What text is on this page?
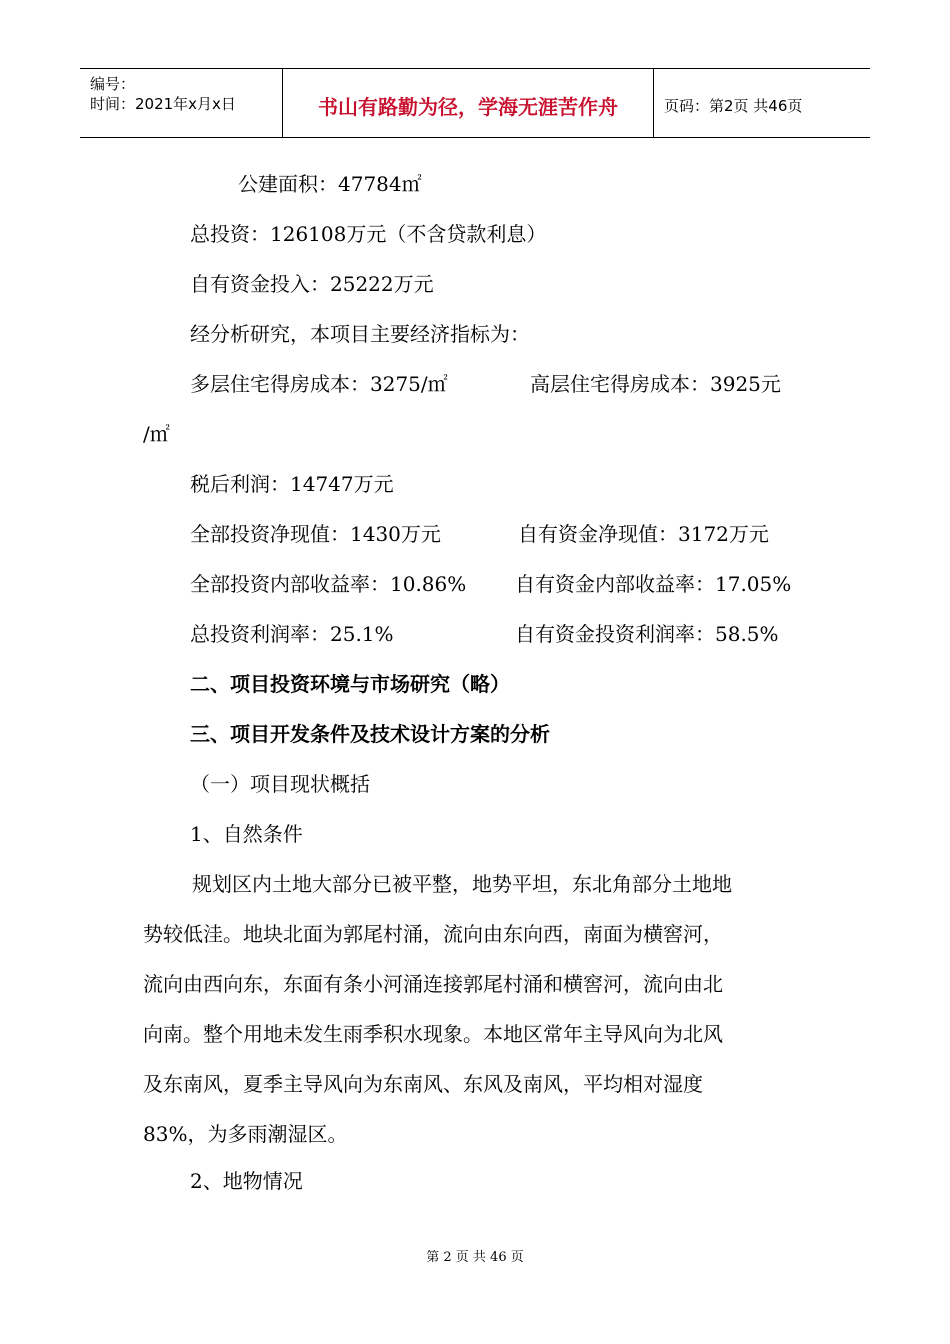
编号：
时间：2021年x月x日	书山有路勤为径，学海无涯苦作舟	页码：第2页 共46页
公建面积：47784㎡
总投资：126108万元（不含贷款利息）
自有资金投入：25222万元
经分析研究，本项目主要经济指标为：
多层住宅得房成本：3275/㎡	高层住宅得房成本：3925元
/㎡
税后利润：14747万元
全部投资净现值：1430万元	自有资金净现值：3172万元
全部投资内部收益率：10.86% 自有资金内部收益率：17.05%
总投资利润率：25.1%	自有资金投资利润率：58.5%
二、项目投资环境与市场研究（略）
三、项目开发条件及技术设计方案的分析
（一）项目现状概括
1、自然条件
规划区内土地大部分已被平整，地势平坦，东北角部分土地地
势较低洼。地块北面为郭尾村涌，流向由东向西，南面为横窖河，
流向由西向东，东面有条小河涌连接郭尾村涌和横窖河，流向由北
向南。整个用地未发生雨季积水现象。本地区常年主导风向为北风
及东南风，夏季主导风向为东南风、东风及南风，平均相对湿度
83%，为多雨潮湿区。
2、地物情况
第 2 页 共 46 页
